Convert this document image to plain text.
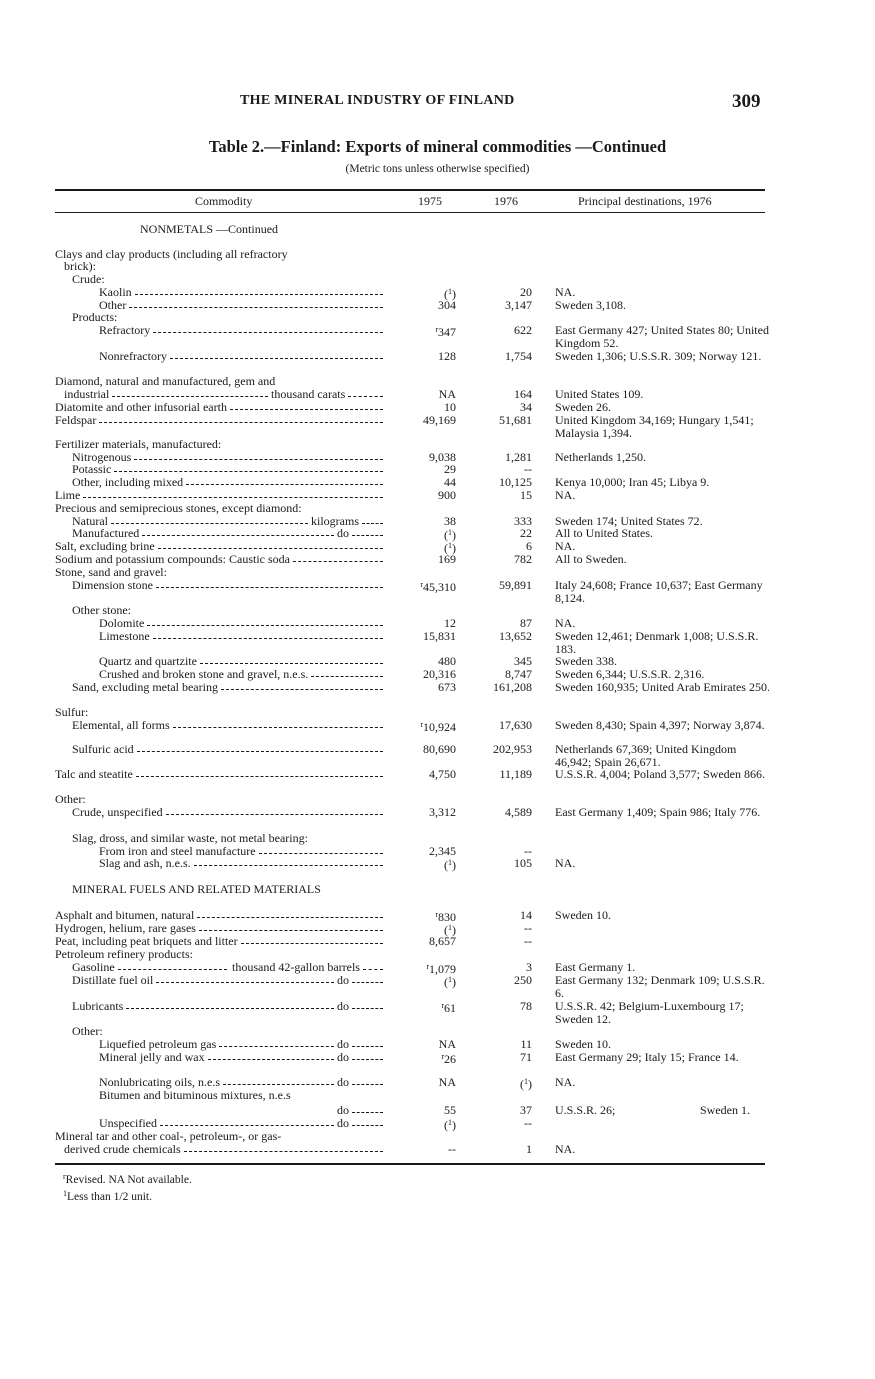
THE MINERAL INDUSTRY OF FINLAND	309
Table 2.—Finland: Exports of mineral commodities —Continued
(Metric tons unless otherwise specified)
Commodity	1975	1976	Principal destinations, 1976
NONMETALS —Continued
MINERAL FUELS AND RELATED MATERIALS
Clays and clay products (including all refractory
brick):
Crude:
Kaolin	($^1$)	20 NA.
Other	304	3,147 Sweden 3,108.
Products:
Refractory	$^r$347	622 East Germany 427; United States 80; United Kingdom 52.
Nonrefractory	128	1,754 Sweden 1,306; U.S.S.R. 309; Norway 121.
Diamond, natural and manufactured, gem and
industrial	thousand carats	NA	164 United States 109.
Diatomite and other infusorial earth	10	34 Sweden 26.
Feldspar	49,169	51,681 United Kingdom 34,169; Hungary 1,541; Malaysia 1,394.
Fertilizer materials, manufactured:
Nitrogenous	9,038	1,281 Netherlands 1,250.
Potassic	29	--
Other, including mixed	44	10,125 Kenya 10,000; Iran 45; Libya 9.
Lime	900	15 NA.
Precious and semiprecious stones, except diamond:
Natural	kilograms	38	333 Sweden 174; United States 72.
Manufactured	do	($^1$)	22 All to United States.
Salt, excluding brine	($^1$)	6 NA.
Sodium and potassium compounds: Caustic soda	169	782 All to Sweden.
Stone, sand and gravel:
Dimension stone	$^r$45,310	59,891 Italy 24,608; France 10,637; East Germany 8,124.
Other stone:
Dolomite	12	87 NA.
Limestone	15,831	13,652 Sweden 12,461; Denmark 1,008; U.S.S.R. 183.
Quartz and quartzite	480	345 Sweden 338.
Crushed and broken stone and gravel, n.e.s.	20,316	8,747 Sweden 6,344; U.S.S.R. 2,316.
Sand, excluding metal bearing	673	161,208 Sweden 160,935; United Arab Emirates 250.
Sulfur:
Elemental, all forms	$^r$10,924	17,630 Sweden 8,430; Spain 4,397; Norway 3,874.
Sulfuric acid	80,690	202,953 Netherlands 67,369; United Kingdom 46,942; Spain 26,671.
Talc and steatite	4,750	11,189 U.S.S.R. 4,004; Poland 3,577; Sweden 866.
Other:
Crude, unspecified	3,312	4,589 East Germany 1,409; Spain 986; Italy 776.
Slag, dross, and similar waste, not metal bearing:
From iron and steel manufacture	2,345	--
Slag and ash, n.e.s.	($^1$)	105 NA.
Asphalt and bitumen, natural	$^r$830	14 Sweden 10.
Hydrogen, helium, rare gases	($^1$)	--
Peat, including peat briquets and litter	8,657	--
Petroleum refinery products:
Gasoline	thousand 42-gallon barrels	$^r$1,079	3 East Germany 1.
Distillate fuel oil	do	($^1$)	250 East Germany 132; Denmark 109; U.S.S.R. 6.
Lubricants	do	$^r$61	78 U.S.S.R. 42; Belgium-Luxembourg 17; Sweden 12.
Other:
Liquefied petroleum gas	do	NA	11 Sweden 10.
Mineral jelly and wax	do	$^r$26	71 East Germany 29; Italy 15; France 14.
Nonlubricating oils, n.e.s	do	NA	($^1$) NA.
Bitumen and bituminous mixtures, n.e.s
do	55	37 U.S.S.R. 26;	Sweden 1.
Unspecified	do	($^1$)	--
Mineral tar and other coal-, petroleum-, or gas-
derived crude chemicals	--	1 NA.
$^r$Revised. NA Not available.
$^1$Less than 1/2 unit.
